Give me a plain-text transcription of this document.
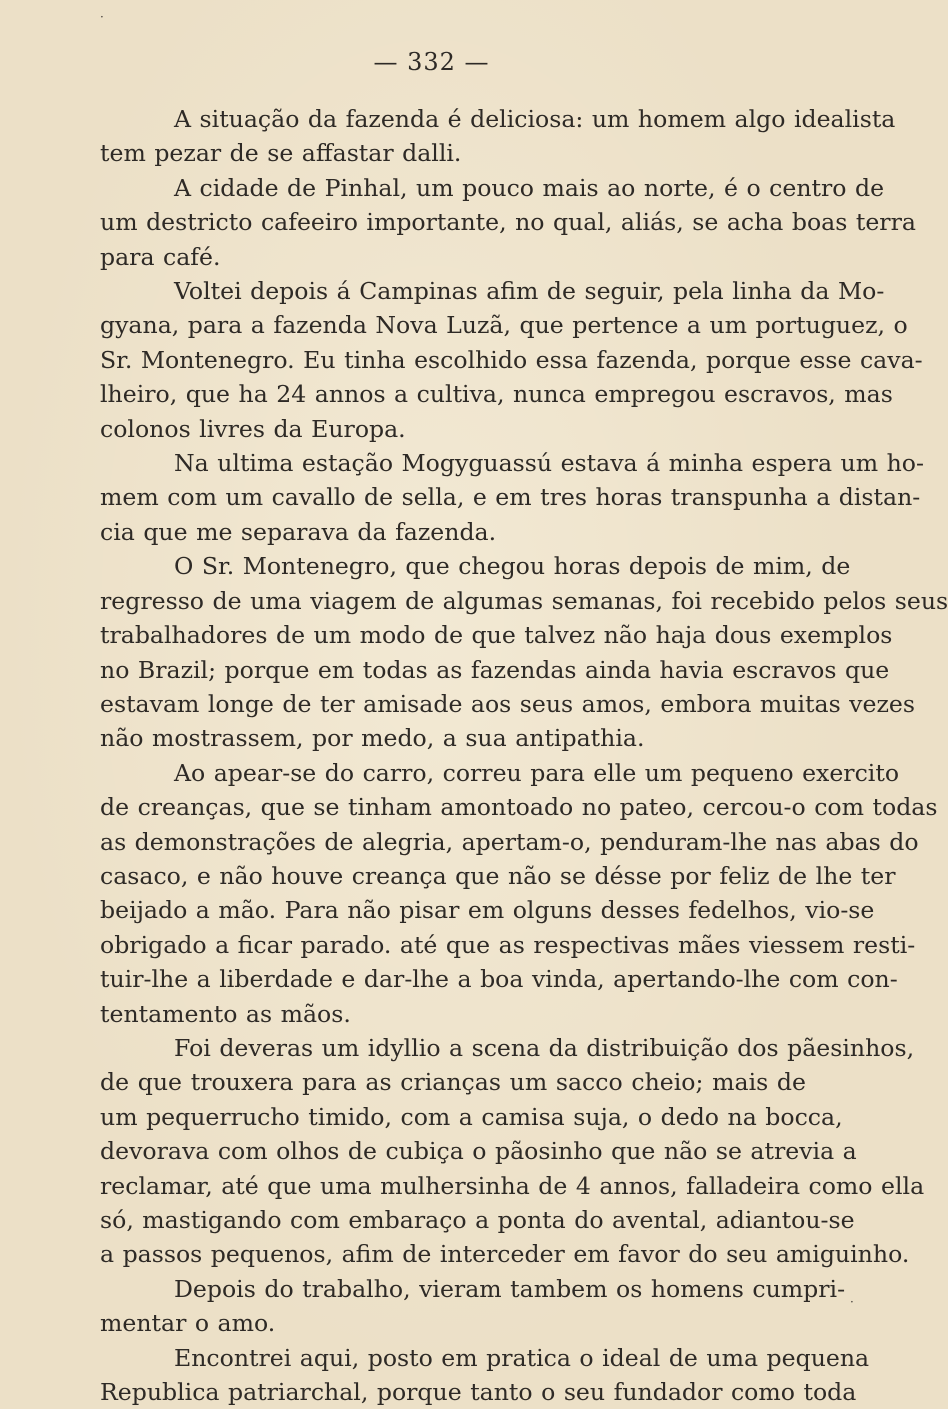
— 332 —

A situação da fazenda é deliciosa: um homem algo idealista
tem pezar de se affastar dalli.

A cidade de Pinhal, um pouco mais ao norte, é o centro de
um destricto cafeeiro importante, no qual, aliás, se acha boas terra
para café.

Voltei depois á Campinas afim de seguir, pela linha da Mo-
gyana, para a fazenda Nova Luzã, que pertence a um portuguez, o
Sr. Montenegro. Eu tinha escolhido essa fazenda, porque esse cava-
lheiro, que ha 24 annos a cultiva, nunca empregou escravos, mas
colonos livres da Europa.

Na ultima estação Mogyguassú estava á minha espera um ho-
mem com um cavallo de sella, e em tres horas transpunha a distan-
cia que me separava da fazenda.

O Sr. Montenegro, que chegou horas depois de mim, de
regresso de uma viagem de algumas semanas, foi recebido pelos seus
trabalhadores de um modo de que talvez não haja dous exemplos
no Brazil; porque em todas as fazendas ainda havia escravos que
estavam longe de ter amisade aos seus amos, embora muitas vezes
não mostrassem, por medo, a sua antipathia.

Ao apear-se do carro, correu para elle um pequeno exercito
de creanças, que se tinham amontoado no pateo, cercou-o com todas
as demonstrações de alegria, apertam-o, penduram-lhe nas abas do
casaco, e não houve creança que não se désse por feliz de lhe ter
beijado a mão. Para não pisar em olguns desses fedelhos, vio-se
obrigado a ficar parado. até que as respectivas mães viessem resti-
tuir-lhe a liberdade e dar-lhe a boa vinda, apertando-lhe com con-
tentamento as mãos.

Foi deveras um idyllio a scena da distribuição dos pãesinhos,
de que trouxera para as crianças um sacco cheio; mais de
um pequerrucho timido, com a camisa suja, o dedo na bocca,
devorava com olhos de cubiça o pãosinho que não se atrevia a
reclamar, até que uma mulhersinha de 4 annos, falladeira como ella
só, mastigando com embaraço a ponta do avental, adiantou-se
a passos pequenos, afim de interceder em favor do seu amiguinho.

Depois do trabalho, vieram tambem os homens cumpri-
mentar o amo.

Encontrei aqui, posto em pratica o ideal de uma pequena
Republica patriarchal, porque tanto o seu fundador como toda

·
·
